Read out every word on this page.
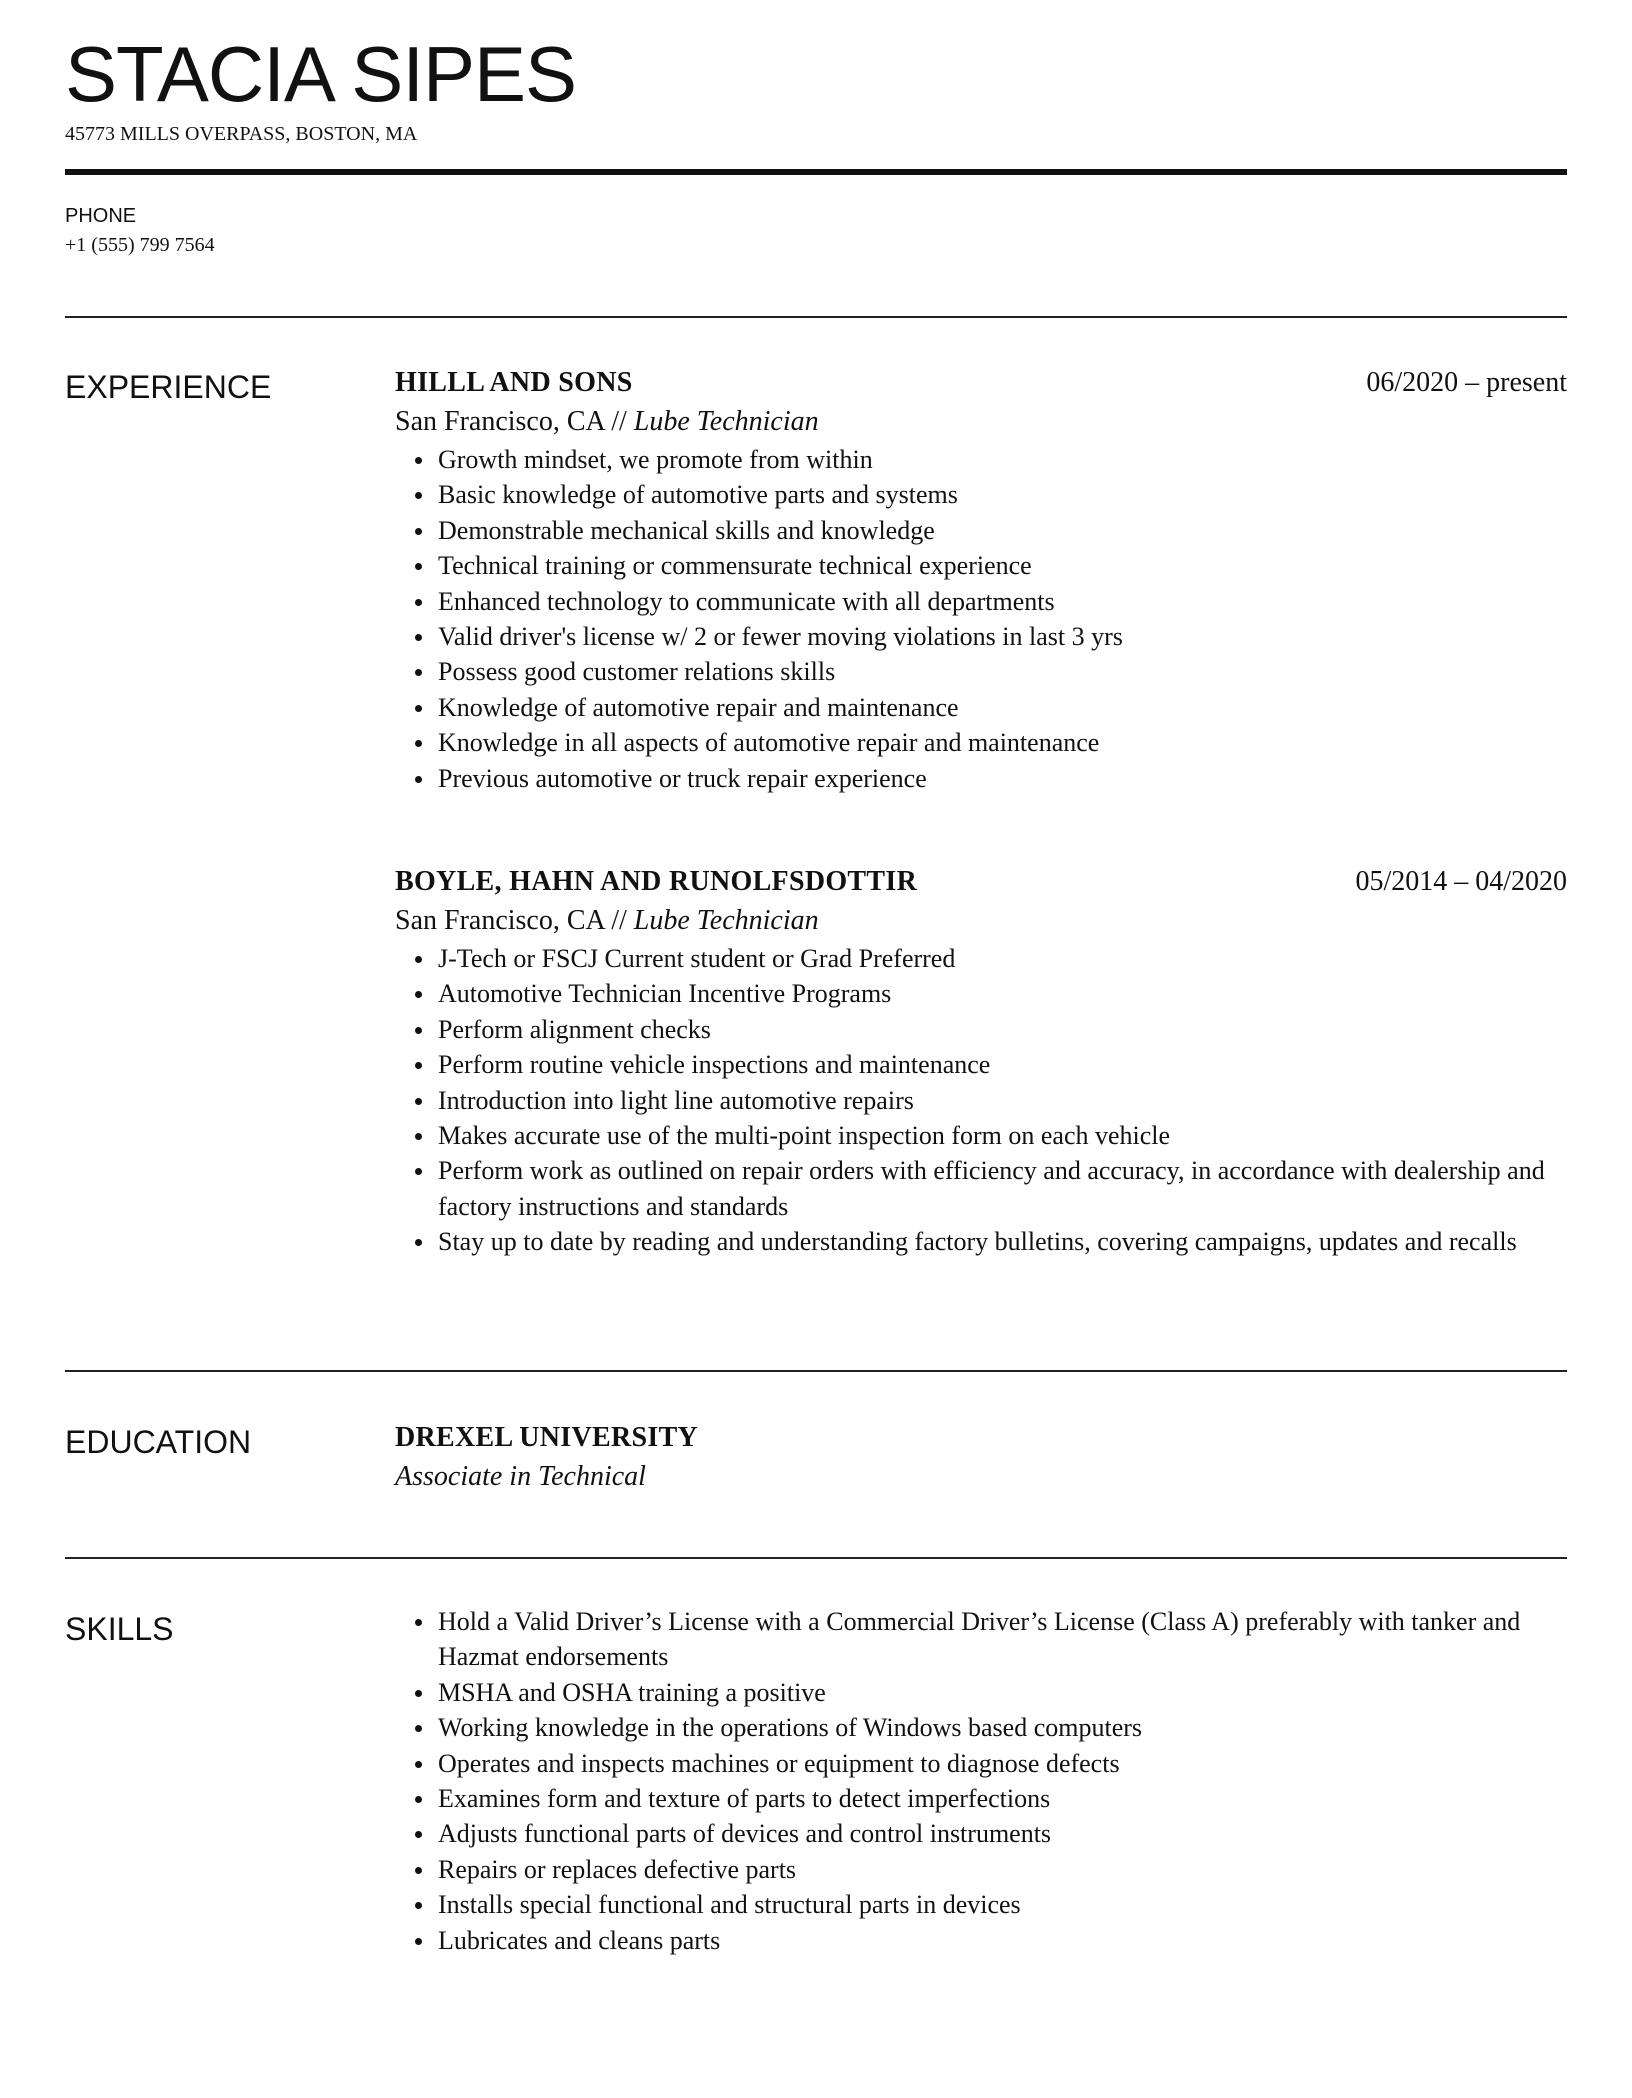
STACIA SIPES
45773 MILLS OVERPASS, BOSTON, MA
PHONE
+1 (555) 799 7564
EXPERIENCE	HILLL AND SONS	06/2020 – present
San Francisco, CA // Lube Technician
Growth mindset, we promote from within
Basic knowledge of automotive parts and systems
Demonstrable mechanical skills and knowledge
Technical training or commensurate technical experience
Enhanced technology to communicate with all departments
Valid driver's license w/ 2 or fewer moving violations in last 3 yrs
Possess good customer relations skills
Knowledge of automotive repair and maintenance
Knowledge in all aspects of automotive repair and maintenance
Previous automotive or truck repair experience
BOYLE, HAHN AND RUNOLFSDOTTIR	05/2014 – 04/2020
San Francisco, CA // Lube Technician
J-Tech or FSCJ Current student or Grad Preferred
Automotive Technician Incentive Programs
Perform alignment checks
Perform routine vehicle inspections and maintenance
Introduction into light line automotive repairs
Makes accurate use of the multi-point inspection form on each vehicle
Perform work as outlined on repair orders with efficiency and accuracy, in accordance with dealership and factory instructions and standards
Stay up to date by reading and understanding factory bulletins, covering campaigns, updates and recalls
EDUCATION	DREXEL UNIVERSITY
Associate in Technical
SKILLS	Hold a Valid Driver’s License with a Commercial Driver’s License (Class A) preferably with tanker and Hazmat endorsements
MSHA and OSHA training a positive
Working knowledge in the operations of Windows based computers
Operates and inspects machines or equipment to diagnose defects
Examines form and texture of parts to detect imperfections
Adjusts functional parts of devices and control instruments
Repairs or replaces defective parts
Installs special functional and structural parts in devices
Lubricates and cleans parts
